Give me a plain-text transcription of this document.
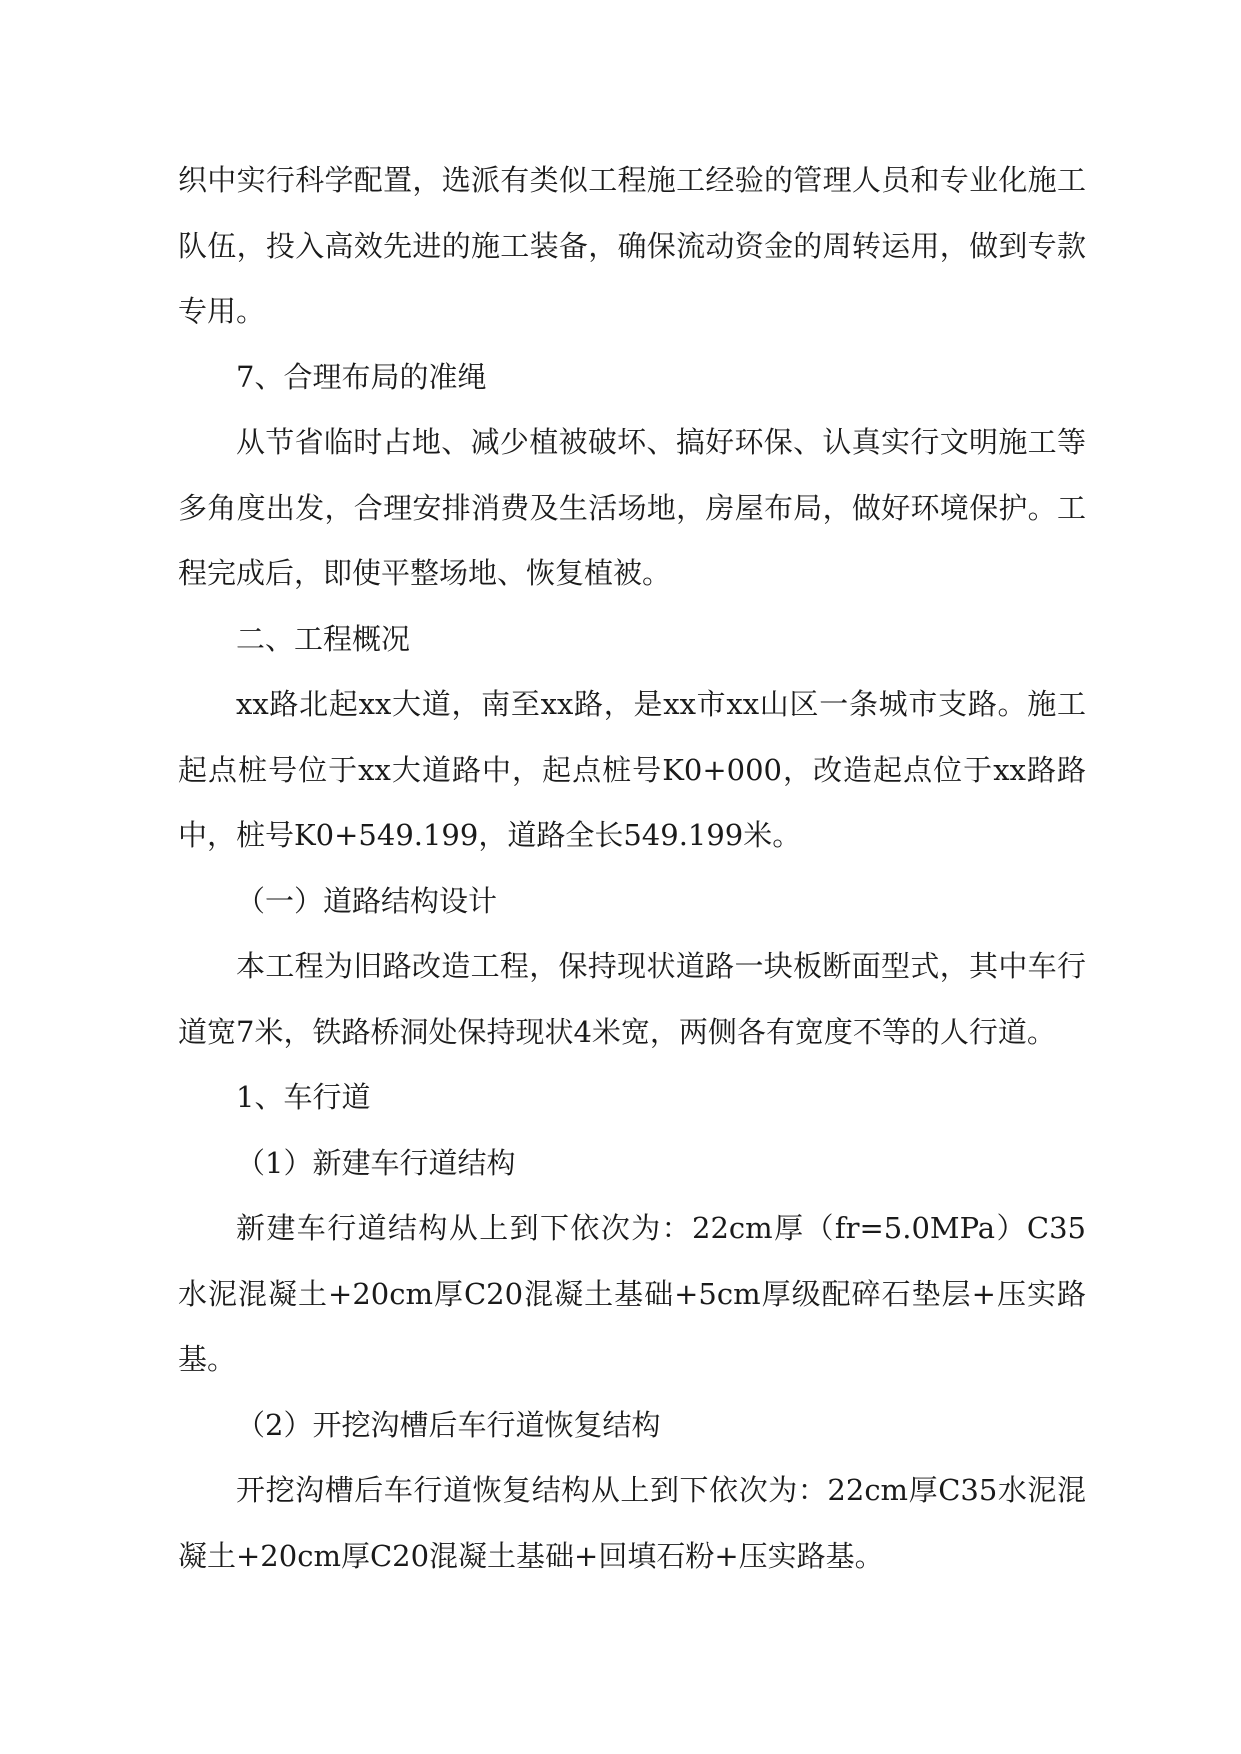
织中实行科学配置，选派有类似工程施工经验的管理人员和专业化施工队伍，投入高效先进的施工装备，确保流动资金的周转运用，做到专款专用。

7、合理布局的准绳

从节省临时占地、减少植被破坏、搞好环保、认真实行文明施工等多角度出发，合理安排消费及生活场地，房屋布局，做好环境保护。工程完成后，即使平整场地、恢复植被。

二、工程概况

xx路北起xx大道，南至xx路，是xx市xx山区一条城市支路。施工起点桩号位于xx大道路中，起点桩号K0+000，改造起点位于xx路路中，桩号K0+549.199，道路全长549.199米。

（一）道路结构设计

本工程为旧路改造工程，保持现状道路一块板断面型式，其中车行道宽7米，铁路桥洞处保持现状4米宽，两侧各有宽度不等的人行道。

1、车行道

（1）新建车行道结构

新建车行道结构从上到下依次为：22cm厚（fr=5.0MPa）C35水泥混凝土+20cm厚C20混凝土基础+5cm厚级配碎石垫层+压实路基。

（2）开挖沟槽后车行道恢复结构

开挖沟槽后车行道恢复结构从上到下依次为：22cm厚C35水泥混凝土+20cm厚C20混凝土基础+回填石粉+压实路基。
